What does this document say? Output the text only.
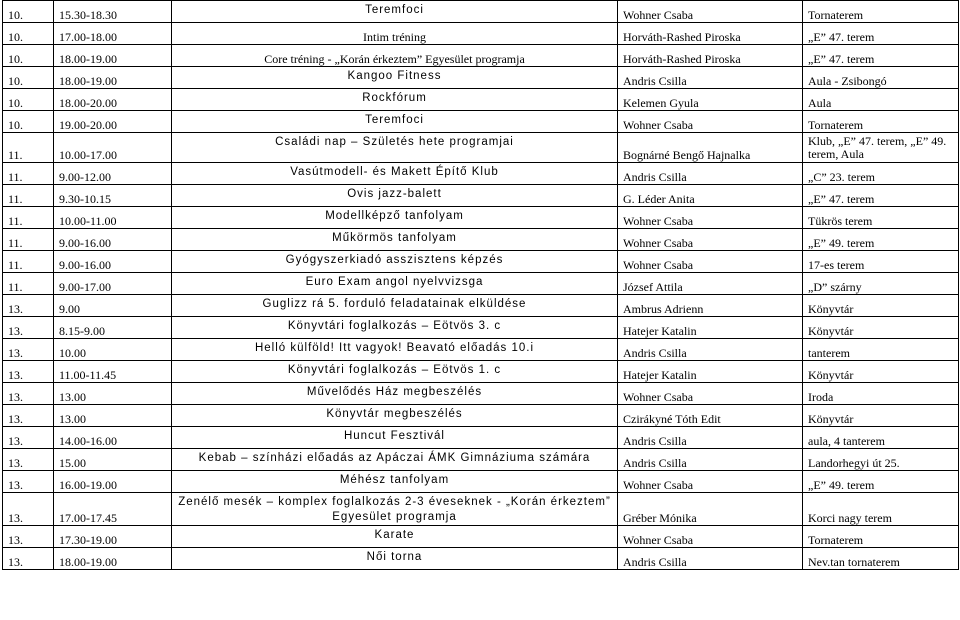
10.	15.30-18.30	Teremfoci	Wohner Csaba	Tornaterem
10.	17.00-18.00	Intim tréning	Horváth-Rashed Piroska	„E” 47. terem
10.	18.00-19.00	Core tréning - „Korán érkeztem” Egyesület programja	Horváth-Rashed Piroska	„E” 47. terem
10.	18.00-19.00	Kangoo Fitness	Andris Csilla	Aula - Zsibongó
10.	18.00-20.00	Rockfórum	Kelemen Gyula	Aula
10.	19.00-20.00	Teremfoci	Wohner Csaba	Tornaterem
11.	10.00-17.00	Családi nap – Születés hete programjai	Bognárné Bengő Hajnalka	Klub, „E” 47. terem, „E” 49. terem, Aula
11.	9.00-12.00	Vasútmodell- és Makett Építő Klub	Andris Csilla	„C” 23. terem
11.	9.30-10.15	Ovis jazz-balett	G. Léder Anita	„E” 47. terem
11.	10.00-11.00	Modellképző tanfolyam	Wohner Csaba	Tükrös terem
11.	9.00-16.00	Műkörmös tanfolyam	Wohner Csaba	„E” 49. terem
11.	9.00-16.00	Gyógyszerkiadó asszisztens képzés	Wohner Csaba	17-es terem
11.	9.00-17.00	Euro Exam angol nyelvvizsga	József Attila	„D” szárny
13.	9.00	Guglizz rá 5. forduló feladatainak elküldése	Ambrus Adrienn	Könyvtár
13.	8.15-9.00	Könyvtári foglalkozás – Eötvös 3. c	Hatejer Katalin	Könyvtár
13.	10.00	Helló külföld! Itt vagyok! Beavató előadás 10.i	Andris Csilla	tanterem
13.	11.00-11.45	Könyvtári foglalkozás – Eötvös 1. c	Hatejer Katalin	Könyvtár
13.	13.00	Művelődés Ház megbeszélés	Wohner Csaba	Iroda
13.	13.00	Könyvtár megbeszélés	Czirákyné Tóth Edit	Könyvtár
13.	14.00-16.00	Huncut Fesztivál	Andris Csilla	aula, 4 tanterem
13.	15.00	Kebab – színházi előadás az Apáczai ÁMK Gimnáziuma számára	Andris Csilla	Landorhegyi út 25.
13.	16.00-19.00	Méhész tanfolyam	Wohner Csaba	„E” 49. terem
13.	17.00-17.45	Zenélő mesék – komplex foglalkozás 2-3 éveseknek - „Korán érkeztem” Egyesület programja	Gréber Mónika	Korci nagy terem
13.	17.30-19.00	Karate	Wohner Csaba	Tornaterem
13.	18.00-19.00	Női torna	Andris Csilla	Nev.tan tornaterem
